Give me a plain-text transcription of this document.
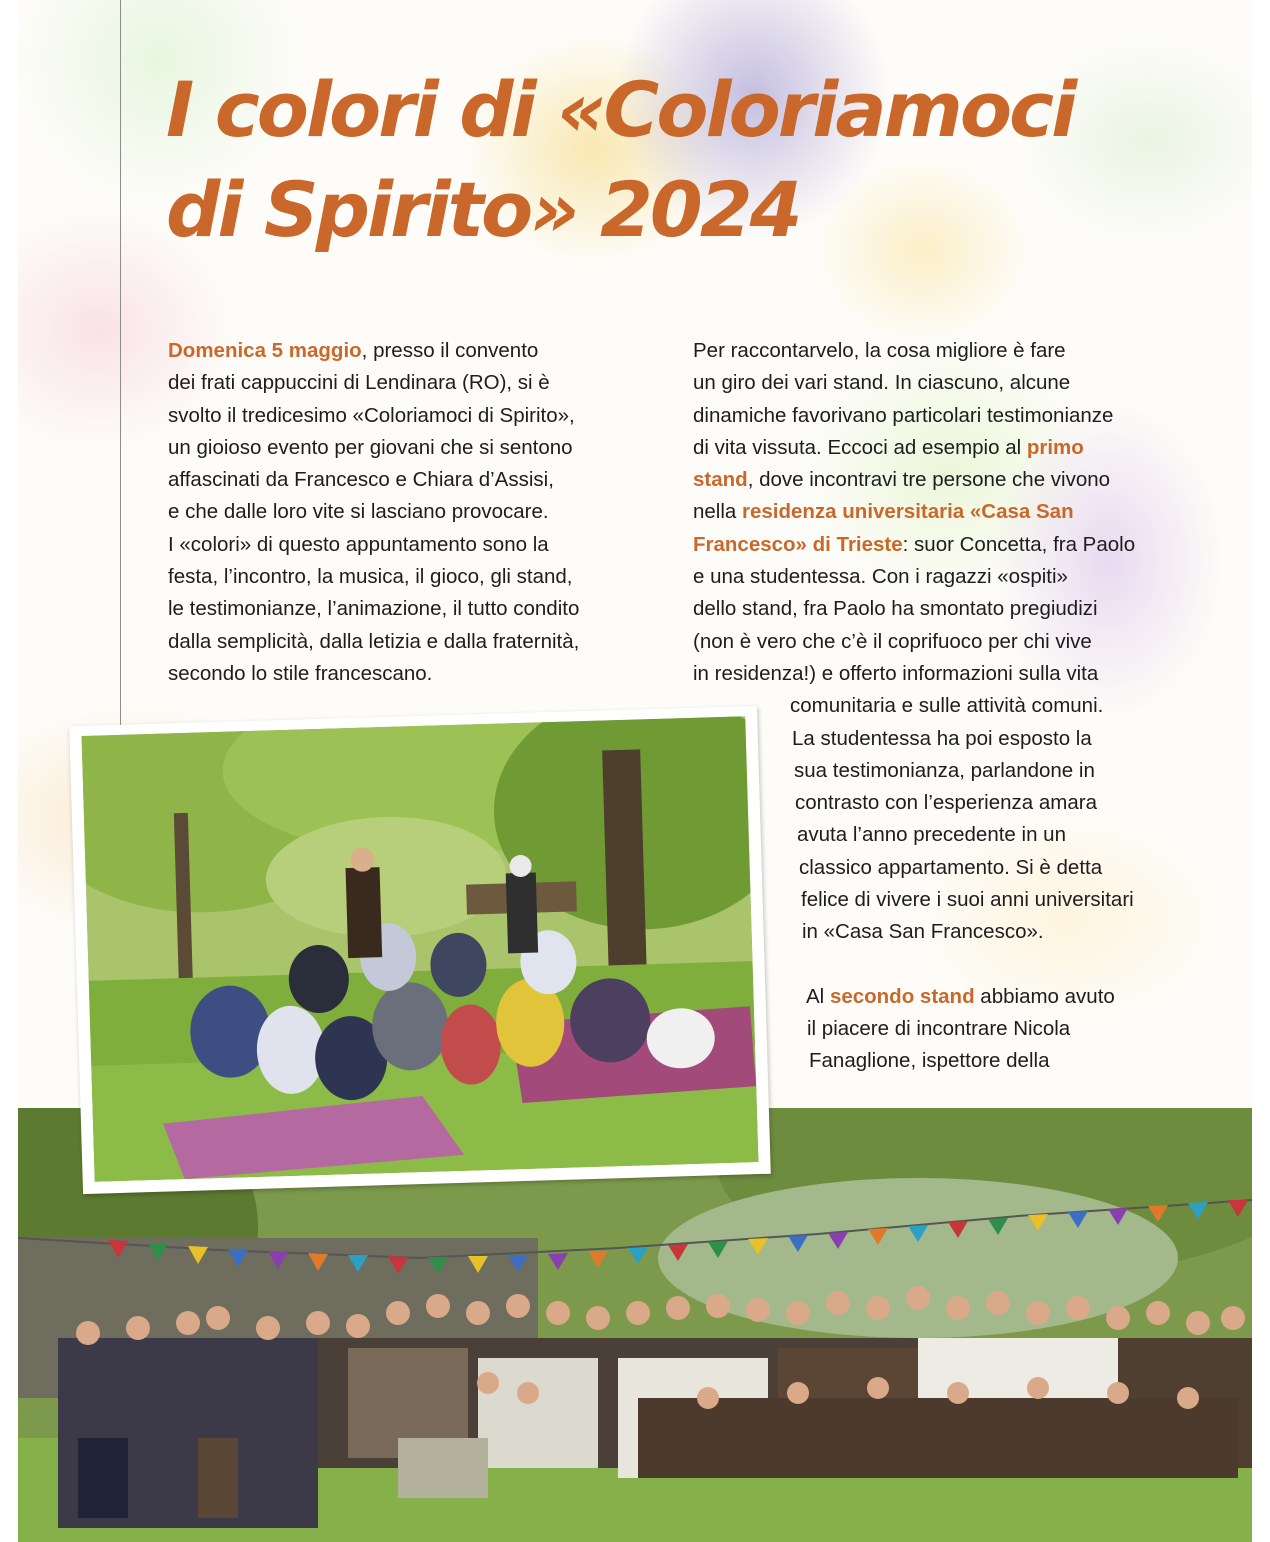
I colori di «Coloriamoci
di Spirito» 2024
Domenica 5 maggio, presso il convento
dei frati cappuccini di Lendinara (RO), si è
svolto il tredicesimo «Coloriamoci di Spirito»,
un gioioso evento per giovani che si sentono
affascinati da Francesco e Chiara d’Assisi,
e che dalle loro vite si lasciano provocare.
I «colori» di questo appuntamento sono la
festa, l’incontro, la musica, il gioco, gli stand,
le testimonianze, l’animazione, il tutto condito
dalla semplicità, dalla letizia e dalla fraternità,
secondo lo stile francescano.
Per raccontarvelo, la cosa migliore è fare
un giro dei vari stand. In ciascuno, alcune
dinamiche favorivano particolari testimonianze
di vita vissuta. Eccoci ad esempio al primo
stand, dove incontravi tre persone che vivono
nella residenza universitaria «Casa San
Francesco» di Trieste: suor Concetta, fra Paolo
e una studentessa. Con i ragazzi «ospiti»
dello stand, fra Paolo ha smontato pregiudizi
(non è vero che c’è il coprifuoco per chi vive
in residenza!) e offerto informazioni sulla vita
comunitaria e sulle attività comuni.
La studentessa ha poi esposto la
sua testimonianza, parlandone in
contrasto con l’esperienza amara
avuta l’anno precedente in un
classico appartamento. Si è detta
felice di vivere i suoi anni universitari
in «Casa San Francesco».
Al secondo stand abbiamo avuto
il piacere di incontrare Nicola
Fanaglione, ispettore della
